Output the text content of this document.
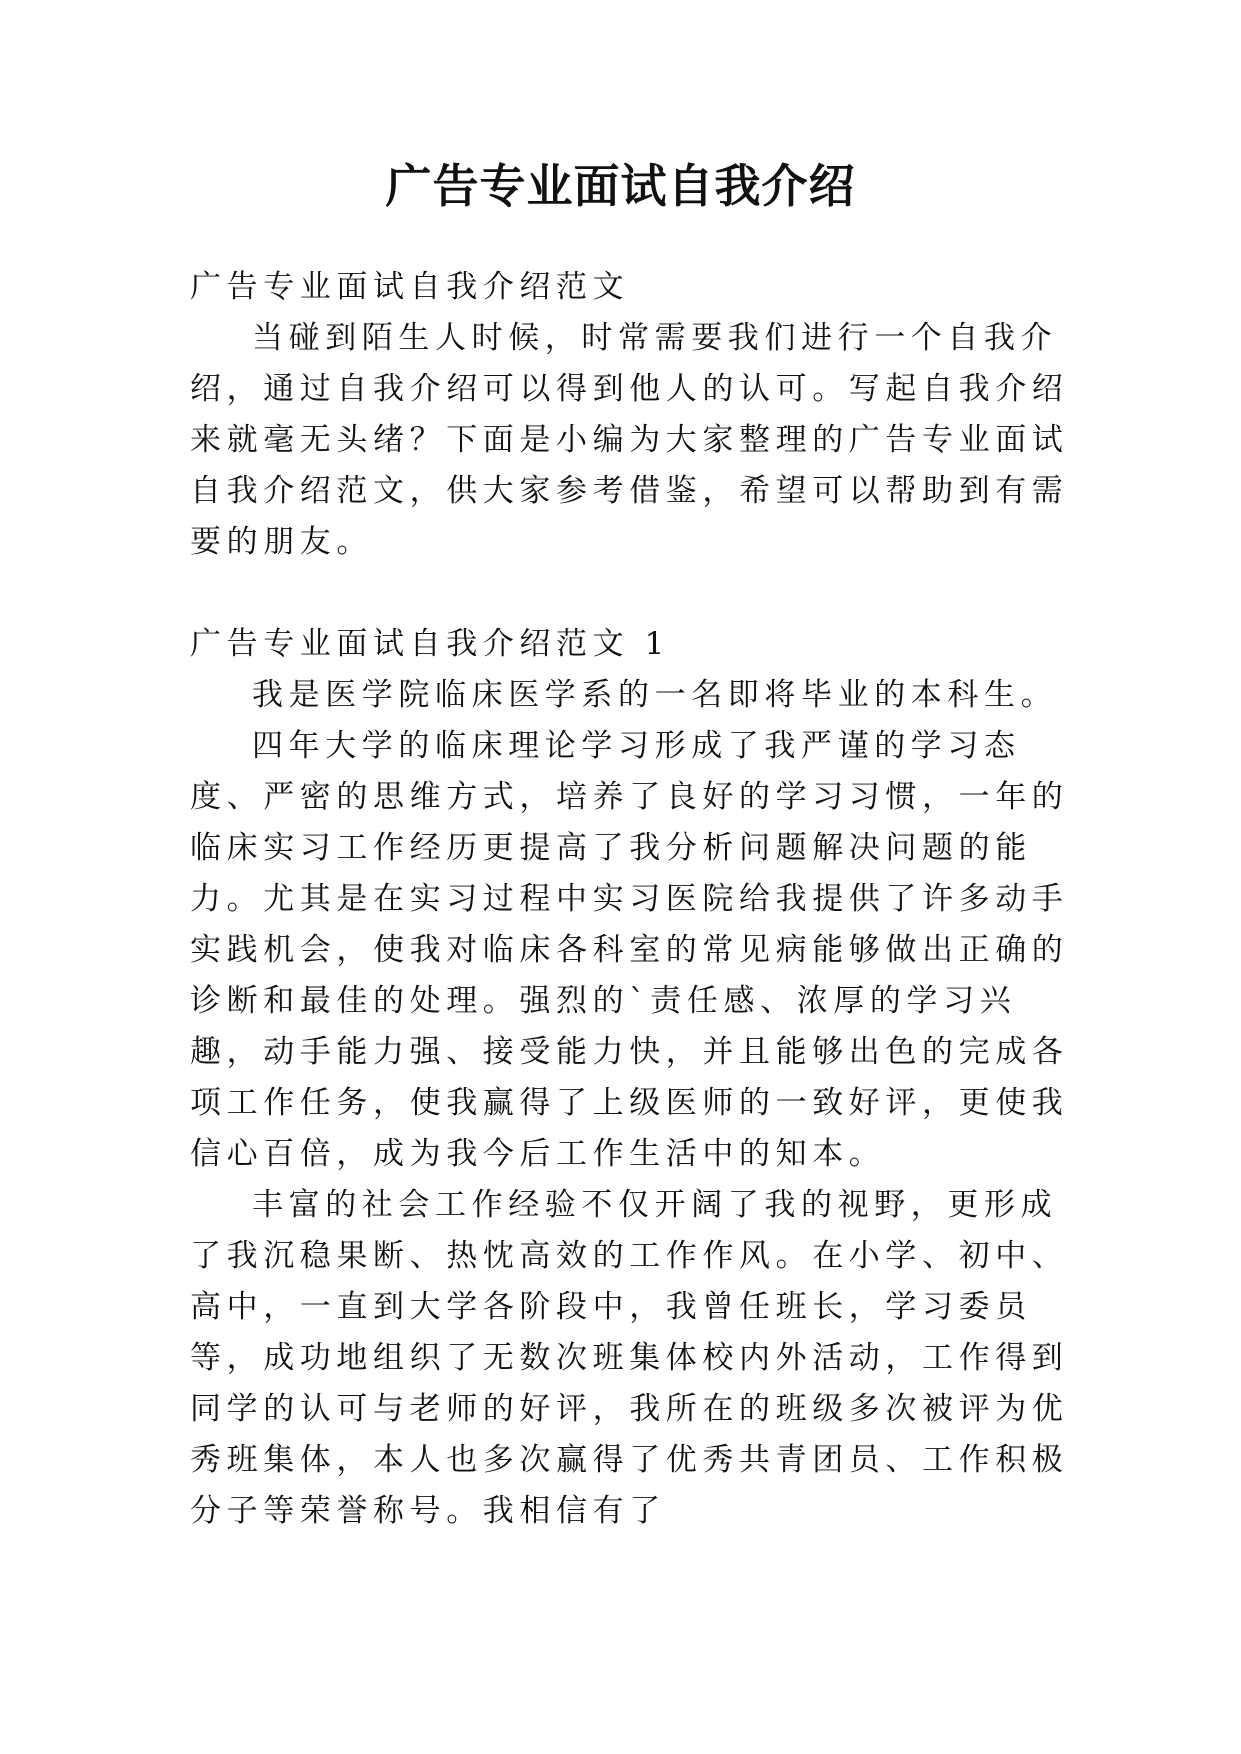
广告专业面试自我介绍

广告专业面试自我介绍范文

当碰到陌生人时候，时常需要我们进行一个自我介绍，通过自我介绍可以得到他人的认可。写起自我介绍来就毫无头绪？下面是小编为大家整理的广告专业面试自我介绍范文，供大家参考借鉴，希望可以帮助到有需要的朋友。

广告专业面试自我介绍范文 1

我是医学院临床医学系的一名即将毕业的本科生。

四年大学的临床理论学习形成了我严谨的学习态度、严密的思维方式，培养了良好的学习习惯，一年的临床实习工作经历更提高了我分析问题解决问题的能力。尤其是在实习过程中实习医院给我提供了许多动手实践机会，使我对临床各科室的常见病能够做出正确的诊断和最佳的处理。强烈的`责任感、浓厚的学习兴趣，动手能力强、接受能力快，并且能够出色的完成各项工作任务，使我赢得了上级医师的一致好评，更使我信心百倍，成为我今后工作生活中的知本。

丰富的社会工作经验不仅开阔了我的视野，更形成了我沉稳果断、热忱高效的工作作风。在小学、初中、高中，一直到大学各阶段中，我曾任班长，学习委员等，成功地组织了无数次班集体校内外活动，工作得到同学的认可与老师的好评，我所在的班级多次被评为优秀班集体，本人也多次赢得了优秀共青团员、工作积极分子等荣誉称号。我相信有了
